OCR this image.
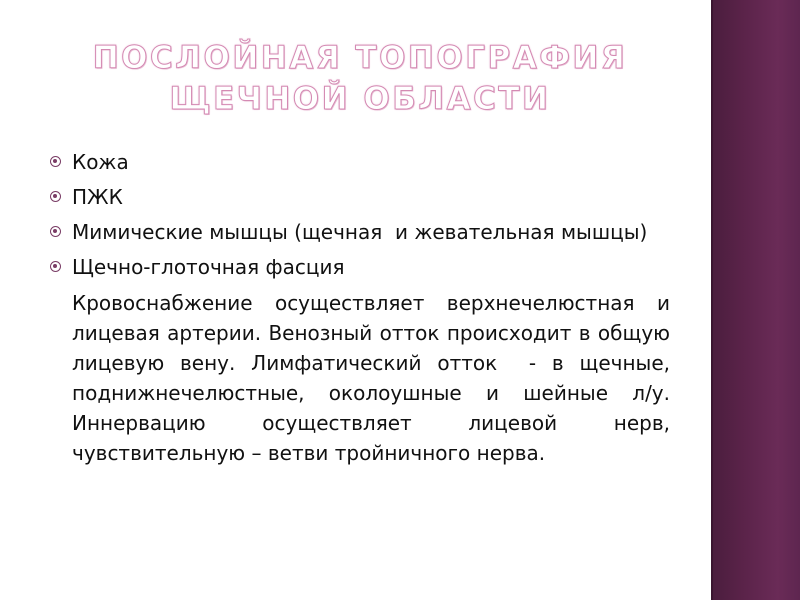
ПОСЛОЙНАЯ ТОПОГРАФИЯ
ЩЕЧНОЙ ОБЛАСТИ
Кожа
ПЖК
Мимические мышцы (щечная  и жевательная мышцы)
Щечно-глоточная фасция
Кровоснабжение осуществляет верхнечелюстная и лицевая артерии. Венозный отток происходит в общую лицевую вену. Лимфатический отток  - в щечные, поднижнечелюстные, околоушные и шейные л/у. Иннервацию осуществляет лицевой нерв, чувствительную – ветви тройничного нерва.
